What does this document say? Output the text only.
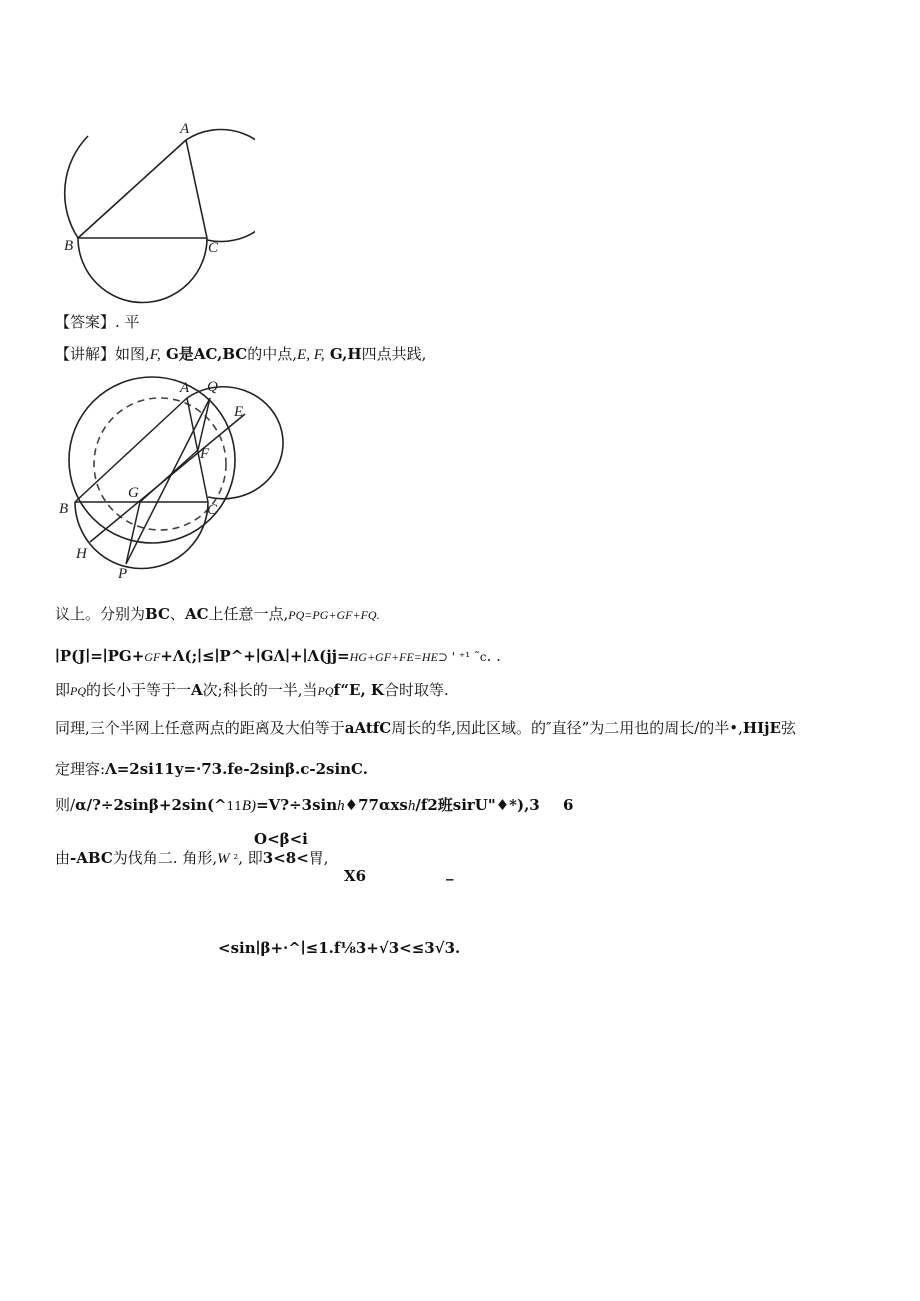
A
B	C
【答案】. 平
【讲解】如图,F, G是AC,BC的中点,E, F, G,H四点共践,
A Q
E
F
B
G
C
H
P
议上。分别为BC、AC上任意一点,PQ=PG+GF+FQ.
∣P(J∣=∣PG+GF+Λ(;∣≤∣P^+∣GΛ∣+∣Λ(jj=HG+GF+FE=HE⊃ ' ⁺¹ ˜c. .
即PQ的长小于等于一A次;科长的一半,当PQf“E, K合时取等.
同理,三个半网上任意两点的距离及大伯等于aAtfC周长的华,因此区域。的″直径”为二用也的周长/的半•,HIjE弦
定理容:Λ=2si11y=·73.fe-2sinβ.c-2sinC.
则/α/?÷2sinβ+2sin(^11B)=V?÷3sinh♦77αxsh/f2班sirU"♦*),3 6
O<β<i
由-ABC为伐角二. 角形,W ², 即3<8<胃,
X6	_
<sin∣β+·^∣≤1.f⅛3+√3<≤3√3.
